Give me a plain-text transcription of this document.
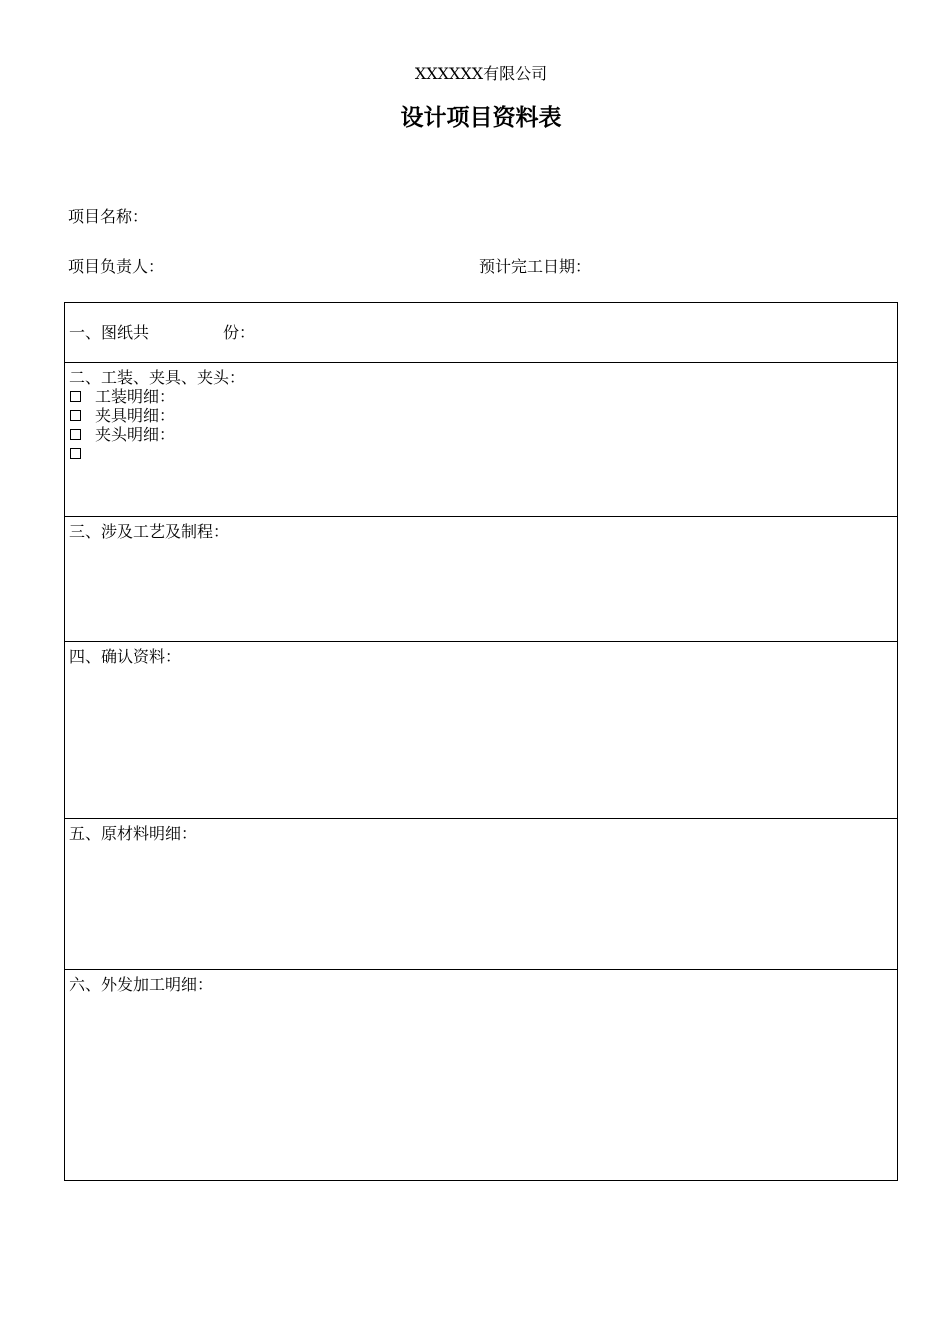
XXXXXX有限公司
设计项目资料表
项目名称：
项目负责人：	预计完工日期：
一、图纸共	份：
二、工装、夹具、夹头：
工装明细：
夹具明细：
夹头明细：
三、涉及工艺及制程：
四、确认资料：
五、原材料明细：
六、外发加工明细：
